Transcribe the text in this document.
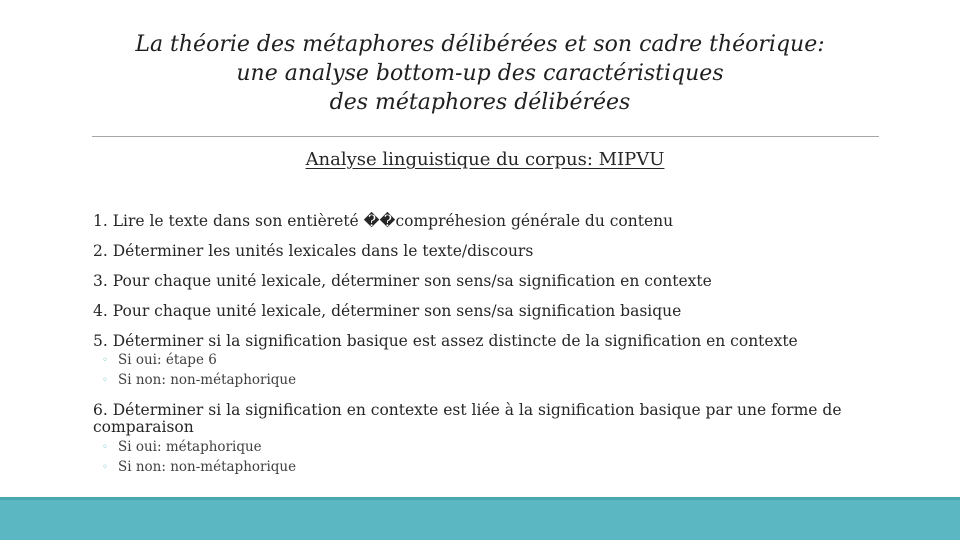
La théorie des métaphores délibérées et son cadre théorique:
une analyse bottom-up des caractéristiques
des métaphores délibérées
Analyse linguistique du corpus: MIPVU
1. Lire le texte dans son entièreté ��compréhesion générale du contenu
2. Déterminer les unités lexicales dans le texte/discours
3. Pour chaque unité lexicale, déterminer son sens/sa signification en contexte
4. Pour chaque unité lexicale, déterminer son sens/sa signification basique
5. Déterminer si la signification basique est assez distincte de la signification en contexte
◦ Si oui: étape 6
◦ Si non: non-métaphorique
6. Déterminer si la signification en contexte est liée à la signification basique par une forme de comparaison
◦ Si oui: métaphorique
◦ Si non: non-métaphorique
